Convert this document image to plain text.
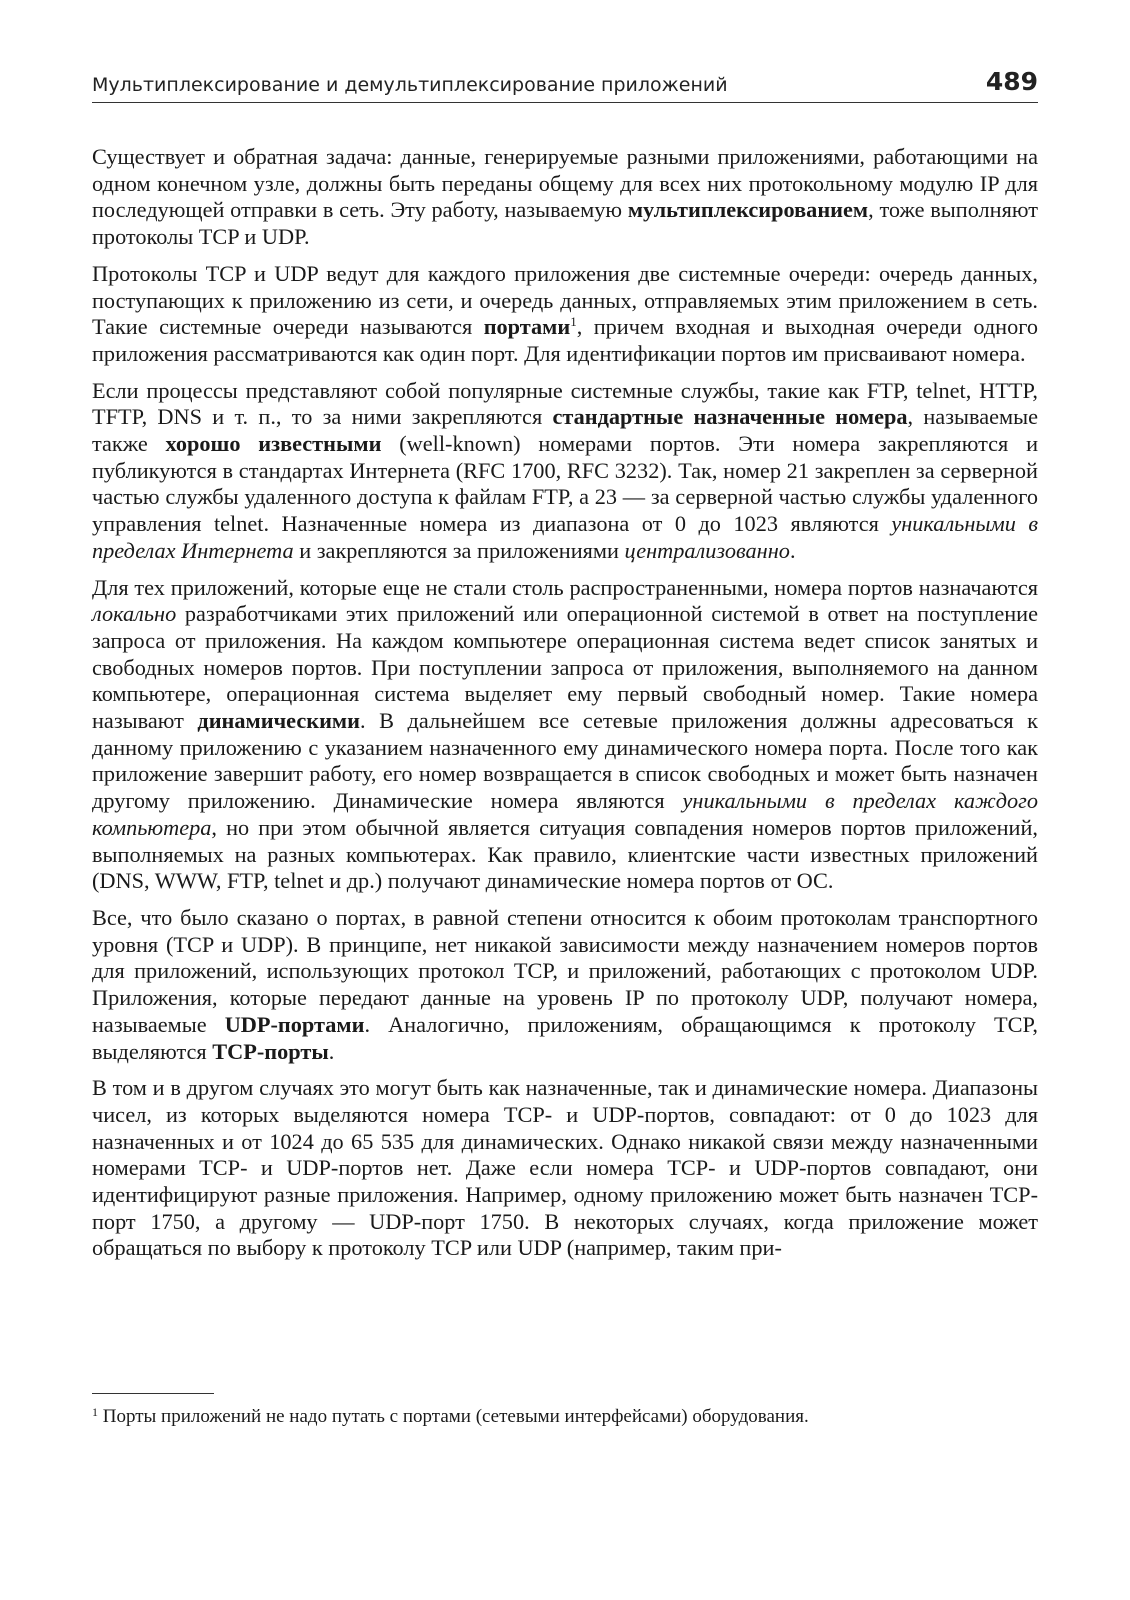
Мультиплексирование и демультиплексирование приложений	489

Существует и обратная задача: данные, генерируемые разными приложениями, работающими на одном конечном узле, должны быть переданы общему для всех них протокольному модулю IP для последующей отправки в сеть. Эту работу, называемую мультиплексированием, тоже выполняют протоколы TCP и UDP.

Протоколы TCP и UDP ведут для каждого приложения две системные очереди: очередь данных, поступающих к приложению из сети, и очередь данных, отправляемых этим приложением в сеть. Такие системные очереди называются портами$^1$, причем входная и выходная очереди одного приложения рассматриваются как один порт. Для идентификации портов им присваивают номера.

Если процессы представляют собой популярные системные службы, такие как FTP, telnet, HTTP, TFTP, DNS и т. п., то за ними закрепляются стандартные назначенные номера, называемые также хорошо известными (well-known) номерами портов. Эти номера закрепляются и публикуются в стандартах Интернета (RFC 1700, RFC 3232). Так, номер 21 закреплен за серверной частью службы удаленного доступа к файлам FTP, а 23 — за серверной частью службы удаленного управления telnet. Назначенные номера из диапазона от 0 до 1023 являются уникальными в пределах Интернета и закрепляются за приложениями централизованно.

Для тех приложений, которые еще не стали столь распространенными, номера портов назначаются локально разработчиками этих приложений или операционной системой в ответ на поступление запроса от приложения. На каждом компьютере операционная система ведет список занятых и свободных номеров портов. При поступлении запроса от приложения, выполняемого на данном компьютере, операционная система выделяет ему первый свободный номер. Такие номера называют динамическими. В дальнейшем все сетевые приложения должны адресоваться к данному приложению с указанием назначенного ему динамического номера порта. После того как приложение завершит работу, его номер возвращается в список свободных и может быть назначен другому приложению. Динамические номера являются уникальными в пределах каждого компьютера, но при этом обычной является ситуация совпадения номеров портов приложений, выполняемых на разных компьютерах. Как правило, клиентские части известных приложений (DNS, WWW, FTP, telnet и др.) получают динамические номера портов от ОС.

Все, что было сказано о портах, в равной степени относится к обоим протоколам транспортного уровня (TCP и UDP). В принципе, нет никакой зависимости между назначением номеров портов для приложений, использующих протокол TCP, и приложений, работающих с протоколом UDP. Приложения, которые передают данные на уровень IP по протоколу UDP, получают номера, называемые UDP-портами. Аналогично, приложениям, обращающимся к протоколу TCP, выделяются TCP-порты.

В том и в другом случаях это могут быть как назначенные, так и динамические номера. Диапазоны чисел, из которых выделяются номера TCP- и UDP-портов, совпадают: от 0 до 1023 для назначенных и от 1024 до 65 535 для динамических. Однако никакой связи между назначенными номерами TCP- и UDP-портов нет. Даже если номера TCP- и UDP-портов совпадают, они идентифицируют разные приложения. Например, одному приложению может быть назначен TCP-порт 1750, а другому — UDP-порт 1750. В некоторых случаях, когда приложение может обращаться по выбору к протоколу TCP или UDP (например, таким при-

$^1$ Порты приложений не надо путать с портами (сетевыми интерфейсами) оборудования.
